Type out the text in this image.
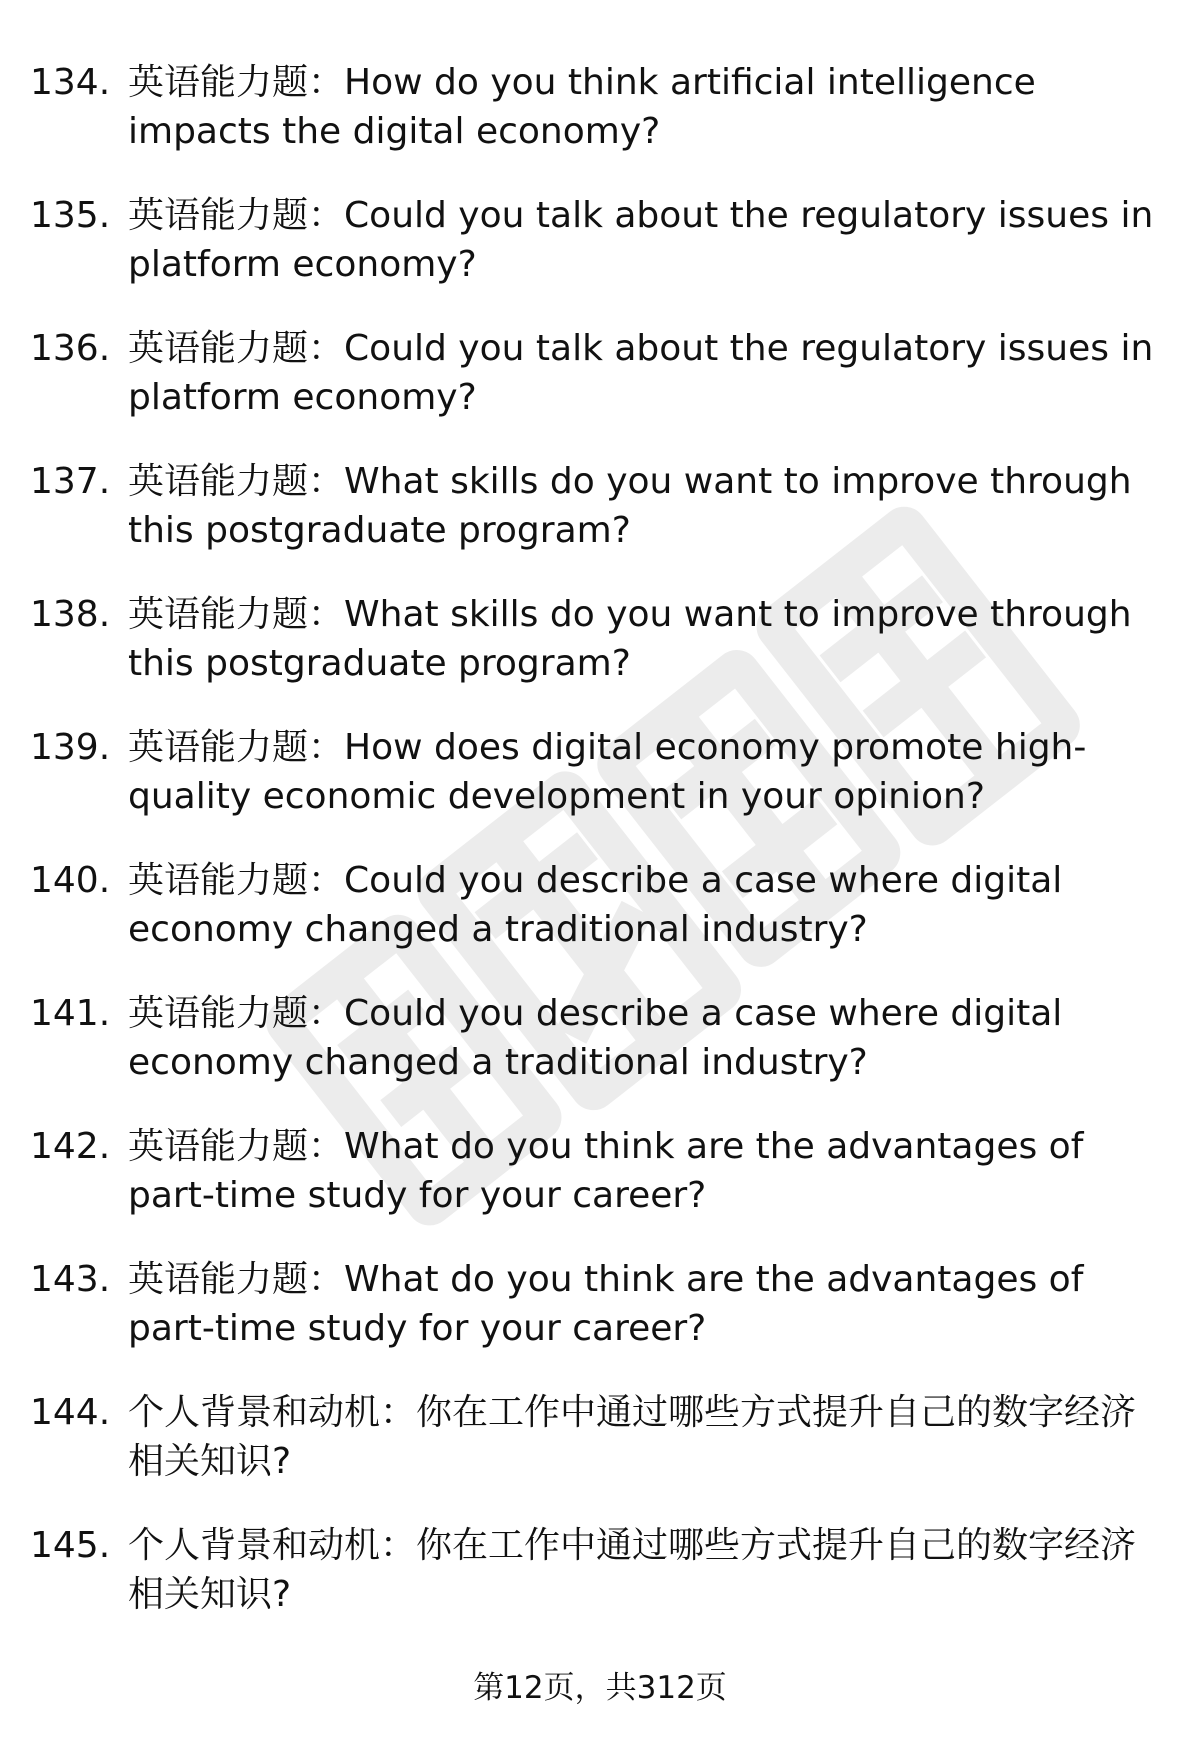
134. 英语能力题：How do you think artificial intelligence impacts the digital economy?
135. 英语能力题：Could you talk about the regulatory issues in platform economy?
136. 英语能力题：Could you talk about the regulatory issues in platform economy?
137. 英语能力题：What skills do you want to improve through this postgraduate program?
138. 英语能力题：What skills do you want to improve through this postgraduate program?
139. 英语能力题：How does digital economy promote high-quality economic development in your opinion?
140. 英语能力题：Could you describe a case where digital economy changed a traditional industry?
141. 英语能力题：Could you describe a case where digital economy changed a traditional industry?
142. 英语能力题：What do you think are the advantages of part-time study for your career?
143. 英语能力题：What do you think are the advantages of part-time study for your career?
144. 个人背景和动机：你在工作中通过哪些方式提升自己的数字经济相关知识?
145. 个人背景和动机：你在工作中通过哪些方式提升自己的数字经济相关知识?
第12页，共312页
